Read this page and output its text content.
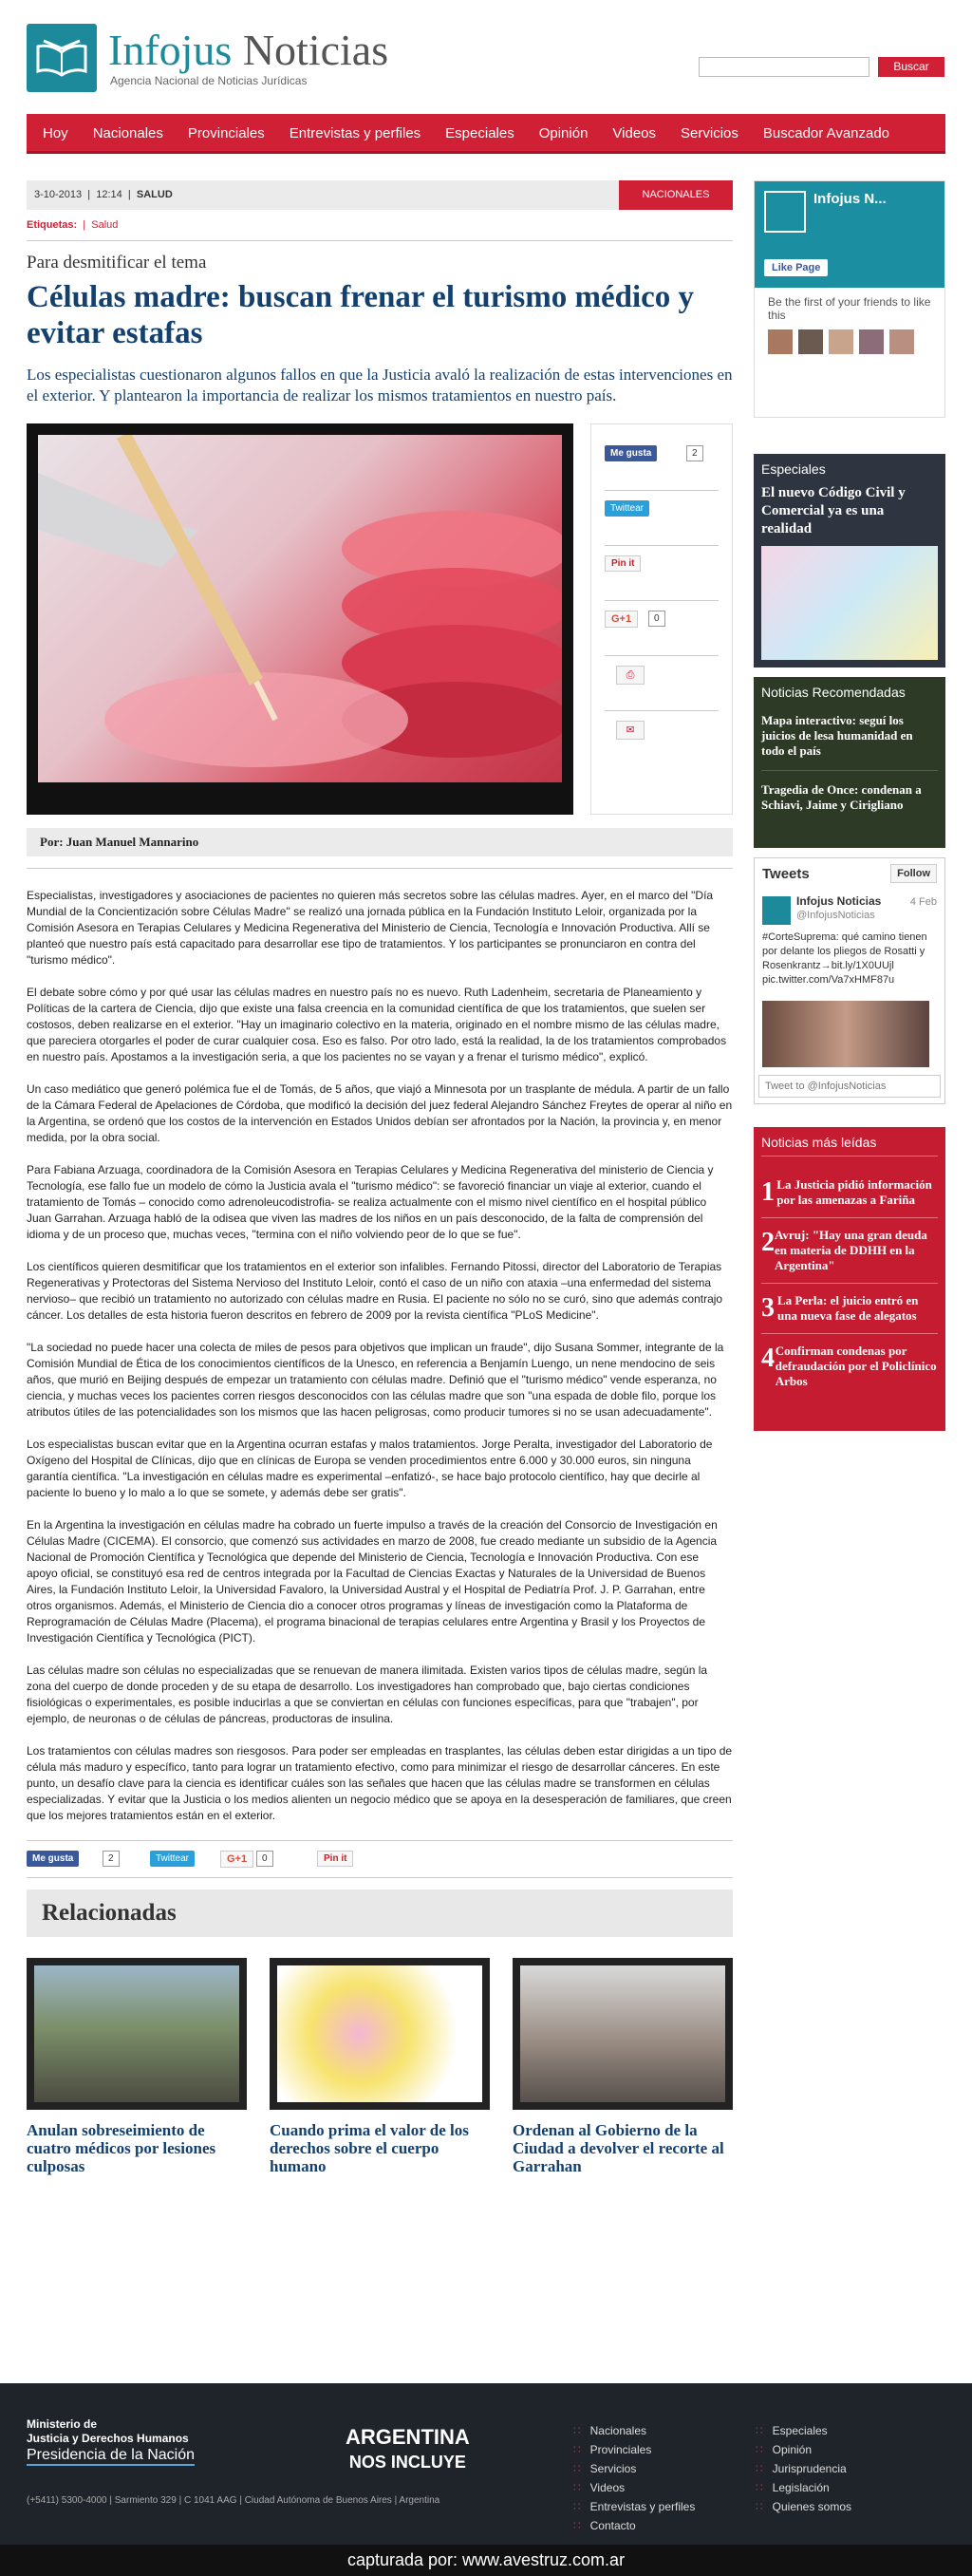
Infojus Noticias
Agencia Nacional de Noticias Jurídicas
Buscar
Hoy	Nacionales	Provinciales	Entrevistas y perfiles	Especiales	Opinión	Videos	Servicios	Buscador Avanzado
3-10-2013  |  12:14  |  SALUD	NACIONALES
Etiquetas:  |  Salud
Para desmitificar el tema
Células madre: buscan frenar el turismo médico y evitar estafas
Los especialistas cuestionaron algunos fallos en que la Justicia avaló la realización de estas intervenciones en el exterior. Y plantearon la importancia de realizar los mismos tratamientos en nuestro país.
Me gusta	2
Twittear
Pin it
G+1	0
⎙
✉
Por: Juan Manuel Mannarino

Especialistas, investigadores y asociaciones de pacientes no quieren más secretos sobre las células madres. Ayer, en el marco del "Día Mundial de la Concientización sobre Células Madre" se realizó una jornada pública en la Fundación Instituto Leloir, organizada por la Comisión Asesora en Terapias Celulares y Medicina Regenerativa del Ministerio de Ciencia, Tecnología e Innovación Productiva. Allí se planteó que nuestro país está capacitado para desarrollar ese tipo de tratamientos. Y los participantes se pronunciaron en contra del "turismo médico".

El debate sobre cómo y por qué usar las células madres en nuestro país no es nuevo. Ruth Ladenheim, secretaria de Planeamiento y Políticas de la cartera de Ciencia, dijo que existe una falsa creencia en la comunidad científica de que los tratamientos, que suelen ser costosos, deben realizarse en el exterior. "Hay un imaginario colectivo en la materia, originado en el nombre mismo de las células madre, que pareciera otorgarles el poder de curar cualquier cosa. Eso es falso. Por otro lado, está la realidad, la de los tratamientos comprobados en nuestro país. Apostamos a la investigación seria, a que los pacientes no se vayan y a frenar el turismo médico", explicó.

Un caso mediático que generó polémica fue el de Tomás, de 5 años, que viajó a Minnesota por un trasplante de médula. A partir de un fallo de la Cámara Federal de Apelaciones de Córdoba, que modificó la decisión del juez federal Alejandro Sánchez Freytes de operar al niño en la Argentina, se ordenó que los costos de la intervención en Estados Unidos debían ser afrontados por la Nación, la provincia y, en menor medida, por la obra social.

Para Fabiana Arzuaga, coordinadora de la Comisión Asesora en Terapias Celulares y Medicina Regenerativa del ministerio de Ciencia y Tecnología, ese fallo fue un modelo de cómo la Justicia avala el "turismo médico": se favoreció financiar un viaje al exterior, cuando el tratamiento de Tomás – conocido como adrenoleucodistrofia- se realiza actualmente con el mismo nivel científico en el hospital público Juan Garrahan. Arzuaga habló de la odisea que viven las madres de los niños en un país desconocido, de la falta de comprensión del idioma y de un proceso que, muchas veces, "termina con el niño volviendo peor de lo que se fue".

Los científicos quieren desmitificar que los tratamientos en el exterior son infalibles. Fernando Pitossi, director del Laboratorio de Terapias Regenerativas y Protectoras del Sistema Nervioso del Instituto Leloir, contó el caso de un niño con ataxia –una enfermedad del sistema nervioso– que recibió un tratamiento no autorizado con células madre en Rusia. El paciente no sólo no se curó, sino que además contrajo cáncer. Los detalles de esta historia fueron descritos en febrero de 2009 por la revista científica "PLoS Medicine".

"La sociedad no puede hacer una colecta de miles de pesos para objetivos que implican un fraude", dijo Susana Sommer, integrante de la Comisión Mundial de Ética de los conocimientos científicos de la Unesco, en referencia a Benjamín Luengo, un nene mendocino de seis años, que murió en Beijing después de empezar un tratamiento con células madre. Definió que el "turismo médico" vende esperanza, no ciencia, y muchas veces los pacientes corren riesgos desconocidos con las células madre que son "una espada de doble filo, porque los atributos útiles de las potencialidades son los mismos que las hacen peligrosas, como producir tumores si no se usan adecuadamente".

Los especialistas buscan evitar que en la Argentina ocurran estafas y malos tratamientos. Jorge Peralta, investigador del Laboratorio de Oxígeno del Hospital de Clínicas, dijo que en clínicas de Europa se venden procedimientos entre 6.000 y 30.000 euros, sin ninguna garantía científica. "La investigación en células madre es experimental –enfatizó-, se hace bajo protocolo científico, hay que decirle al paciente lo bueno y lo malo a lo que se somete, y además debe ser gratis".

En la Argentina la investigación en células madre ha cobrado un fuerte impulso a través de la creación del Consorcio de Investigación en Células Madre (CICEMA). El consorcio, que comenzó sus actividades en marzo de 2008, fue creado mediante un subsidio de la Agencia Nacional de Promoción Científica y Tecnológica que depende del Ministerio de Ciencia, Tecnología e Innovación Productiva. Con ese apoyo oficial, se constituyó esa red de centros integrada por la Facultad de Ciencias Exactas y Naturales de la Universidad de Buenos Aires, la Fundación Instituto Leloir, la Universidad Favaloro, la Universidad Austral y el Hospital de Pediatría Prof. J. P. Garrahan, entre otros organismos. Además, el Ministerio de Ciencia dio a conocer otros programas y líneas de investigación como la Plataforma de Reprogramación de Células Madre (Placema), el programa binacional de terapias celulares entre Argentina y Brasil y los Proyectos de Investigación Científica y Tecnológica (PICT).

Las células madre son células no especializadas que se renuevan de manera ilimitada. Existen varios tipos de células madre, según la zona del cuerpo de donde proceden y de su etapa de desarrollo. Los investigadores han comprobado que, bajo ciertas condiciones fisiológicas o experimentales, es posible inducirlas a que se conviertan en células con funciones específicas, para que "trabajen", por ejemplo, de neuronas o de células de páncreas, productoras de insulina.

Los tratamientos con células madres son riesgosos. Para poder ser empleadas en trasplantes, las células deben estar dirigidas a un tipo de célula más maduro y específico, tanto para lograr un tratamiento efectivo, como para minimizar el riesgo de desarrollar cánceres. En este punto, un desafío clave para la ciencia es identificar cuáles son las señales que hacen que las células madre se transformen en células especializadas. Y evitar que la Justicia o los medios alienten un negocio médico que se apoya en la desesperación de familiares, que creen que los mejores tratamientos están en el exterior.

Me gusta	2	Twittear	G+1	0	Pin it
Relacionadas
Anulan sobreseimiento de cuatro médicos por lesiones culposas
Cuando prima el valor de los derechos sobre el cuerpo humano
Ordenan al Gobierno de la Ciudad a devolver el recorte al Garrahan
Infojus N...
Like Page
Be the first of your friends to like this
Especiales
El nuevo Código Civil y Comercial ya es una realidad
Noticias Recomendadas
Mapa interactivo: seguí los juicios de lesa humanidad en todo el país
Tragedia de Once: condenan a Schiavi, Jaime y Cirigliano
Tweets	Follow
Infojus Noticias	4 Feb
@InfojusNoticias
#CorteSuprema: qué camino tienen por delante los pliegos de Rosatti y Rosenkrantz→bit.ly/1X0UUjl pic.twitter.com/Va7xHMF87u
Tweet to @InfojusNoticias
Noticias más leídas
1 La Justicia pidió información por las amenazas a Fariña
2 Avruj: "Hay una gran deuda en materia de DDHH en la Argentina"
3 La Perla: el juicio entró en una nueva fase de alegatos
4 Confirman condenas por defraudación por el Policlínico Arbos
Ministerio de
Justicia y Derechos Humanos
Presidencia de la Nación
ARGENTINA
NOS INCLUYE
(+5411) 5300-4000 | Sarmiento 329 | C 1041 AAG | Ciudad Autónoma de Buenos Aires | Argentina
∷ Nacionales
∷ Provinciales
∷ Servicios
∷ Videos
∷ Entrevistas y perfiles
∷ Contacto
∷ Especiales
∷ Opinión
∷ Jurisprudencia
∷ Legislación
∷ Quienes somos
capturada por: www.avestruz.com.ar
